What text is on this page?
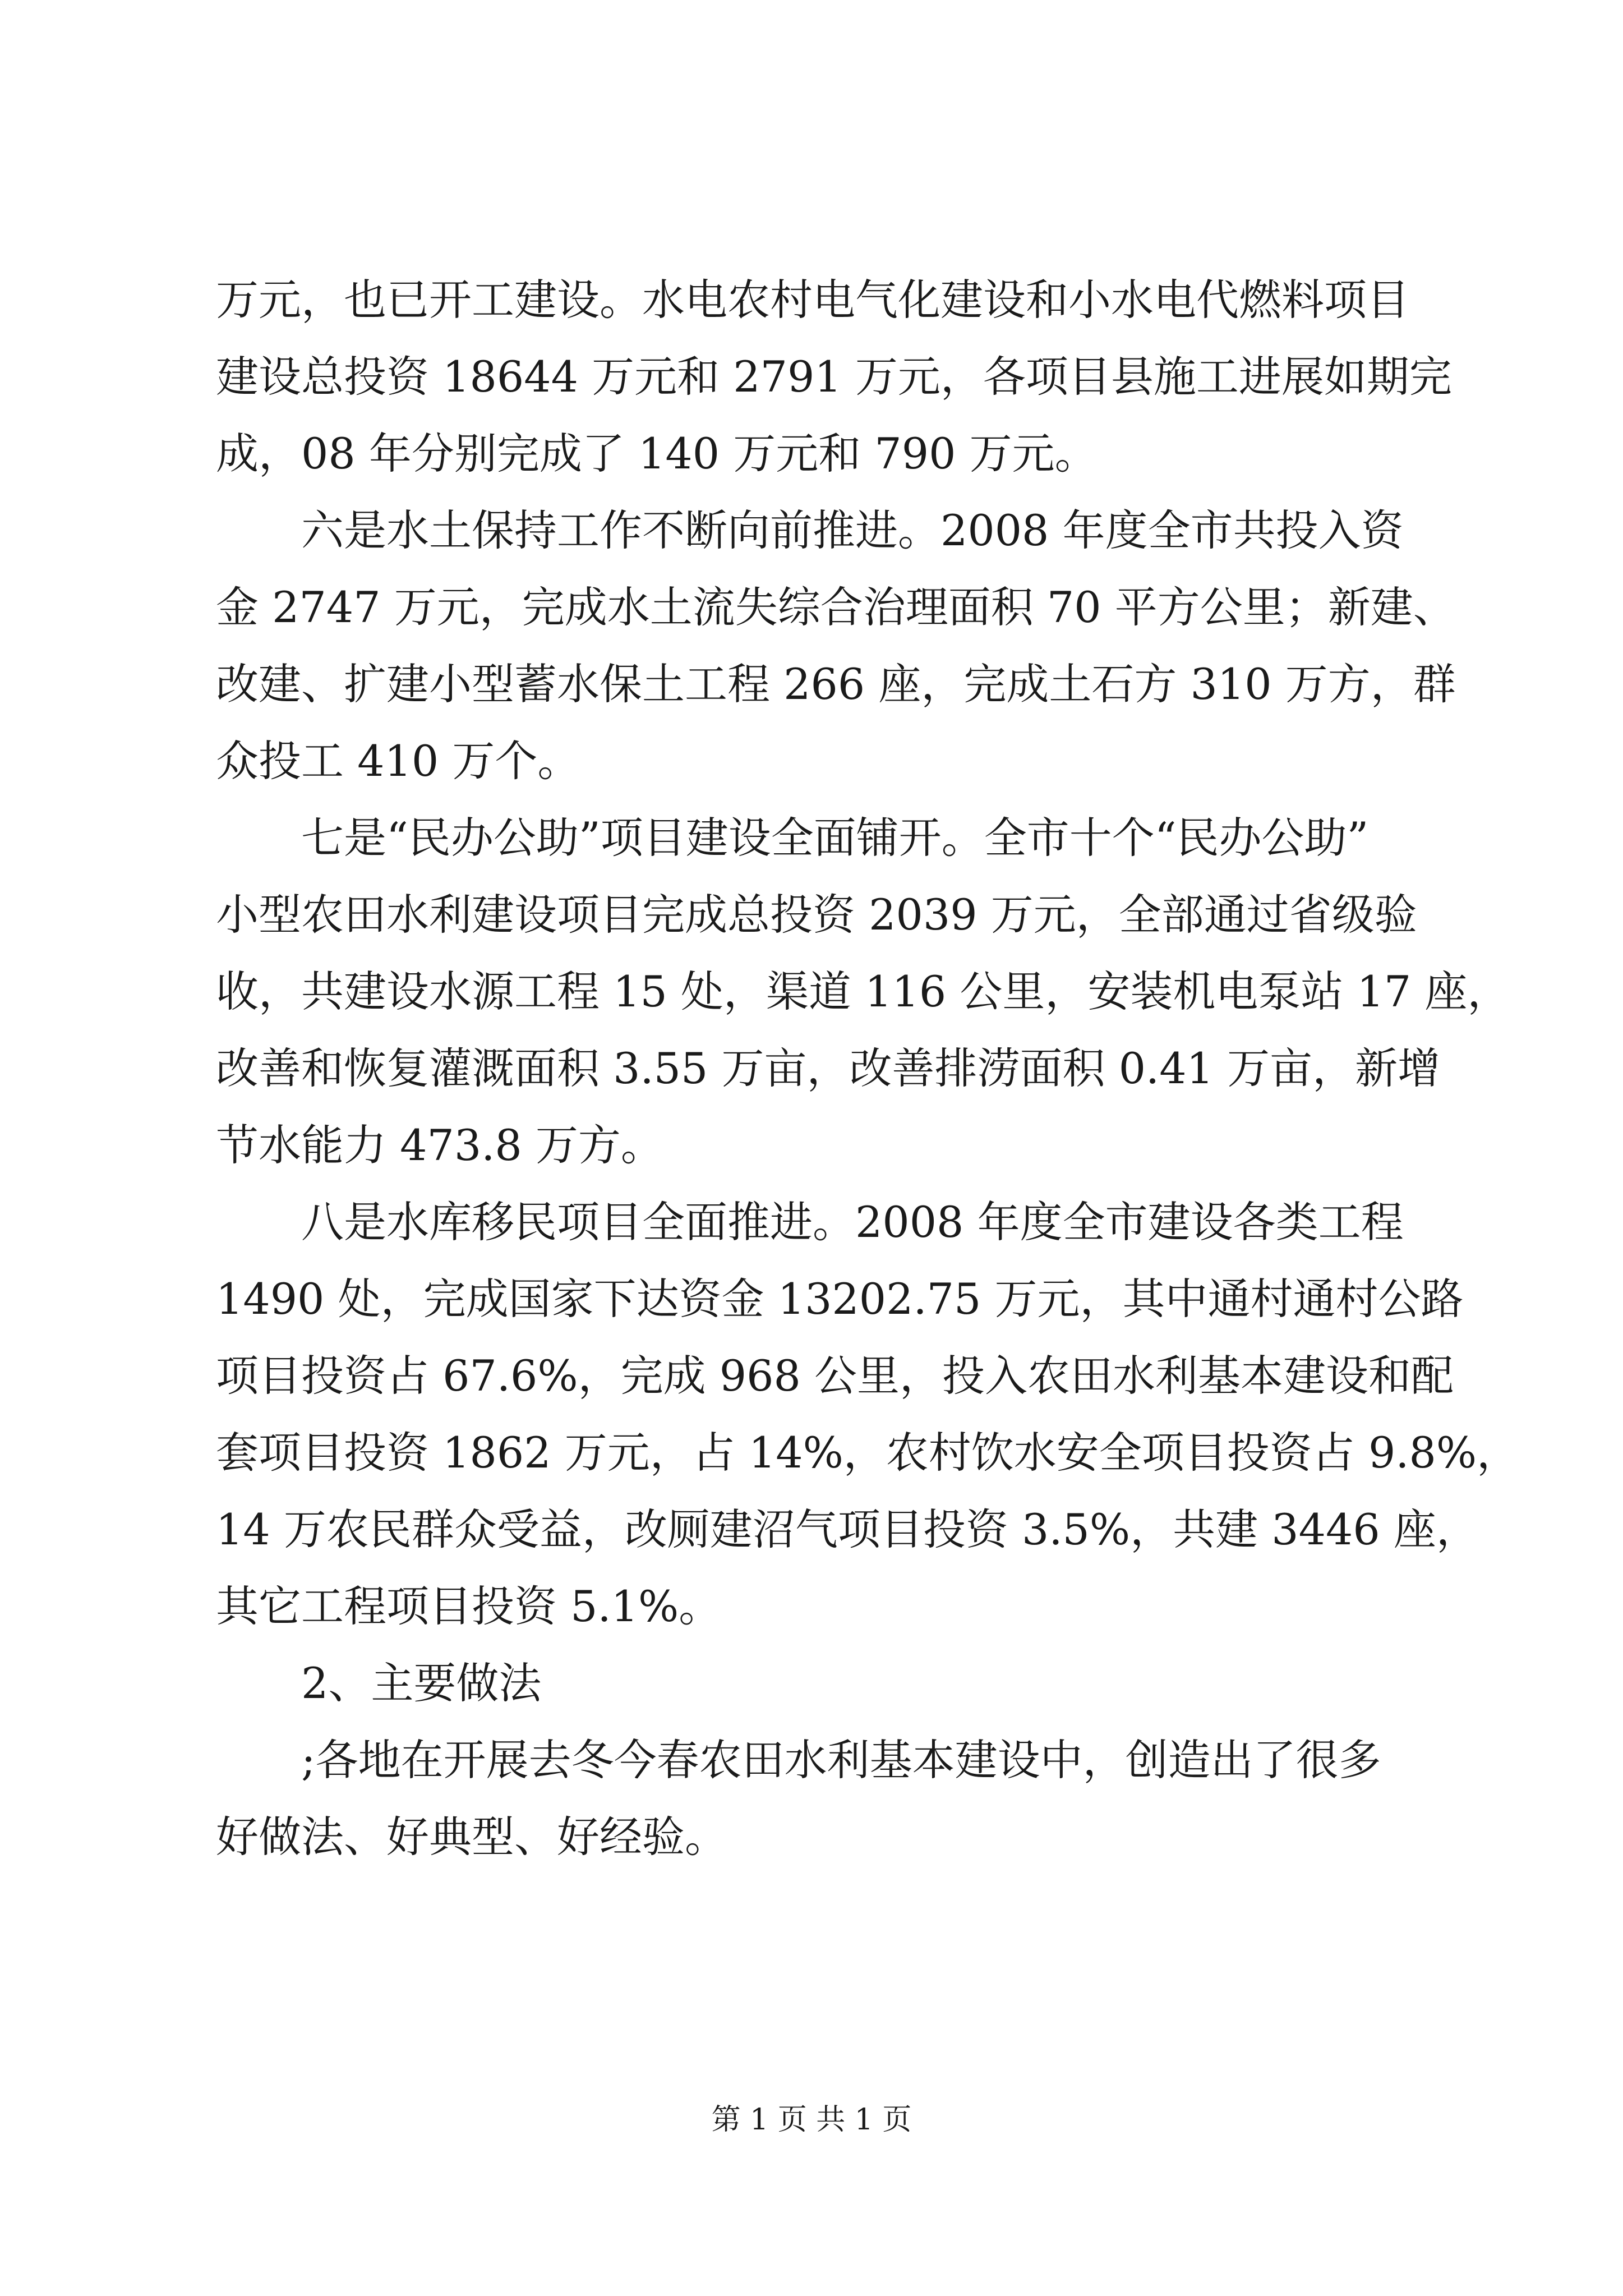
万元，也已开工建设。水电农村电气化建设和小水电代燃料项目
建设总投资 18644 万元和 2791 万元，各项目县施工进展如期完
成，08 年分别完成了 140 万元和 790 万元。
六是水土保持工作不断向前推进。2008 年度全市共投入资
金 2747 万元，完成水土流失综合治理面积 70 平方公里；新建、
改建、扩建小型蓄水保土工程 266 座，完成土石方 310 万方，群
众投工 410 万个。
七是“民办公助”项目建设全面铺开。全市十个“民办公助”
小型农田水利建设项目完成总投资 2039 万元，全部通过省级验
收，共建设水源工程 15 处，渠道 116 公里，安装机电泵站 17 座，
改善和恢复灌溉面积 3.55 万亩，改善排涝面积 0.41 万亩，新增
节水能力 473.8 万方。
八是水库移民项目全面推进。2008 年度全市建设各类工程
1490 处，完成国家下达资金 13202.75 万元，其中通村通村公路
项目投资占 67.6%，完成 968 公里，投入农田水利基本建设和配
套项目投资 1862 万元，占 14%，农村饮水安全项目投资占 9.8%，
14 万农民群众受益，改厕建沼气项目投资 3.5%，共建 3446 座，
其它工程项目投资 5.1%。
2、主要做法
;各地在开展去冬今春农田水利基本建设中，创造出了很多
好做法、好典型、好经验。
第 1 页 共 1 页
